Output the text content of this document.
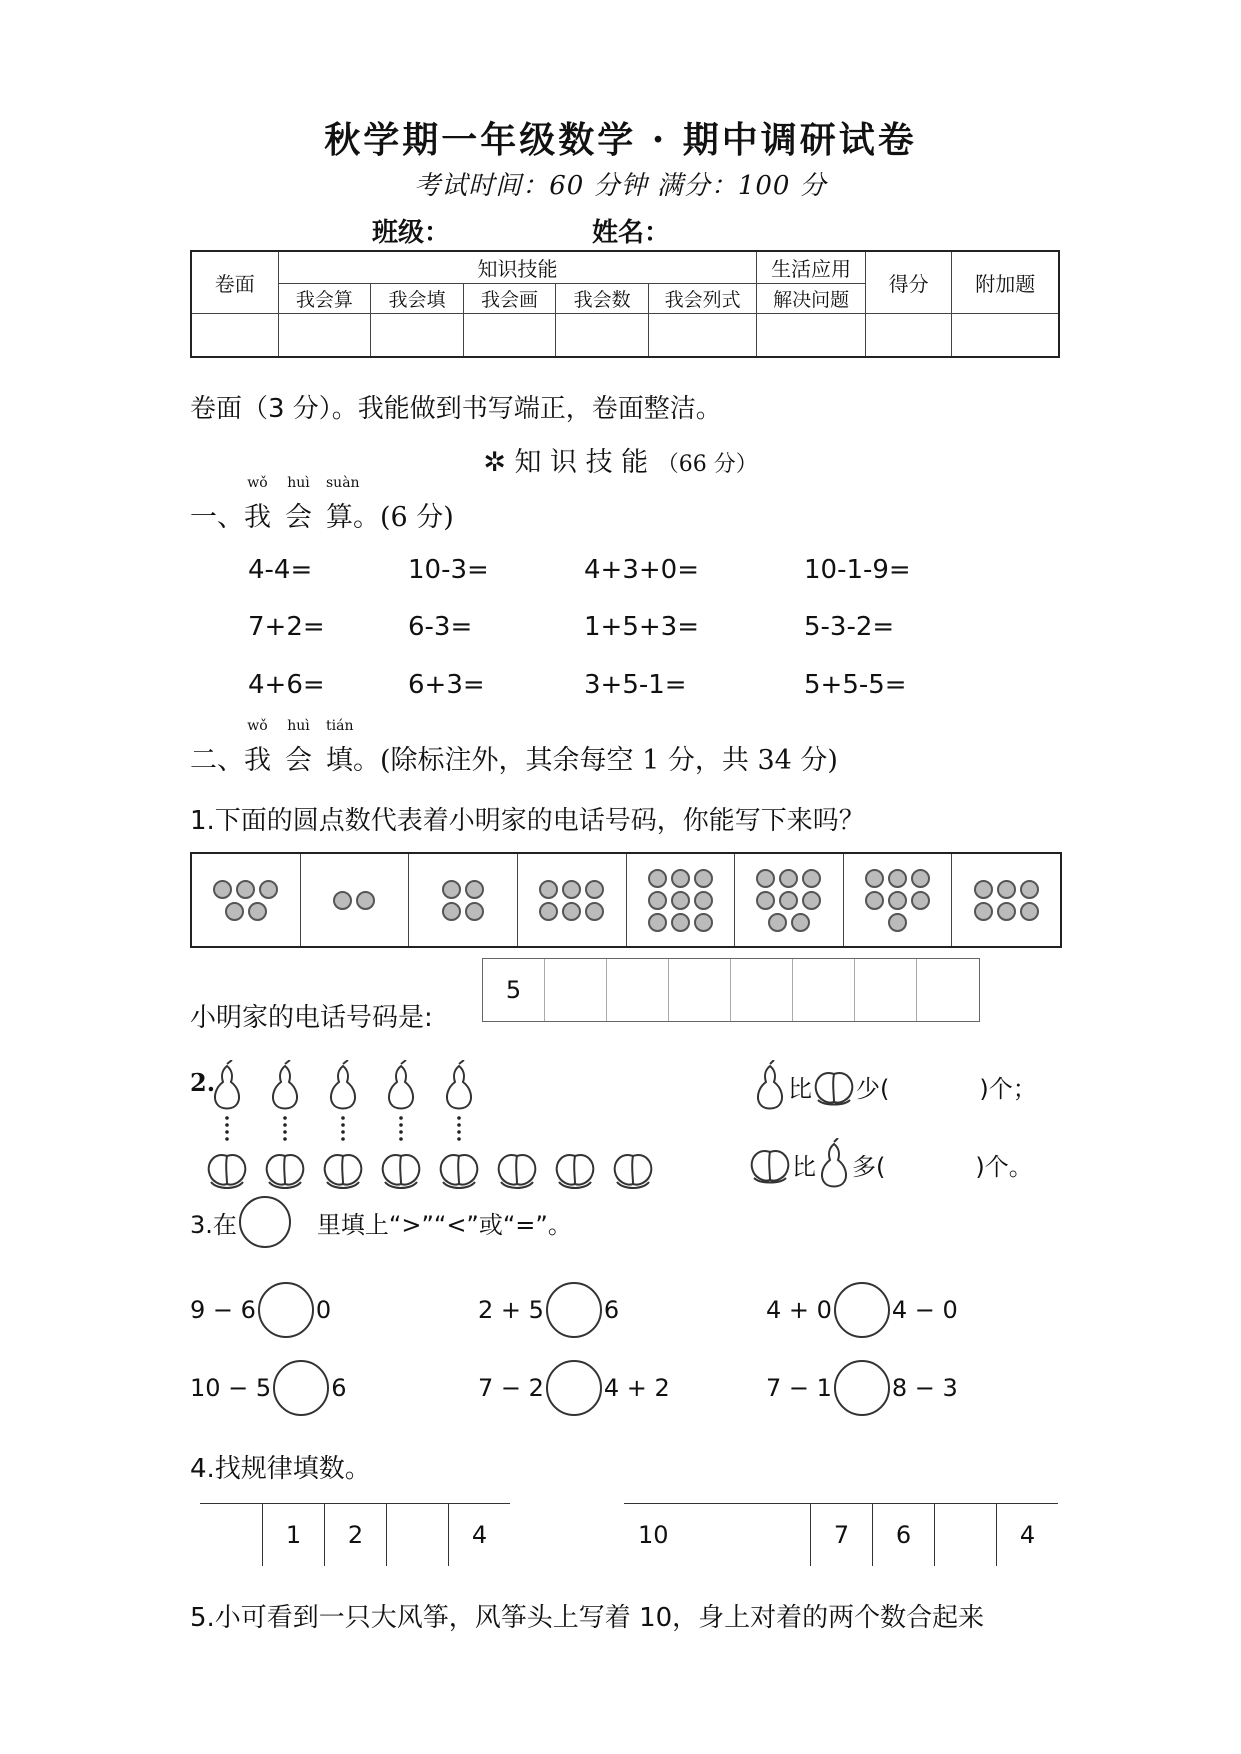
秋学期一年级数学 · 期中调研试卷
考试时间：60 分钟 满分：100 分
班级：	姓名：
卷面	知识技能					生活应用	得分	附加题
	我会算	我会填	我会画	我会数	我会列式	解决问题		

卷面（3 分）。我能做到书写端正，卷面整洁。
✲ 知 识 技 能 （66 分）
一、
wǒ
我
huì
会
suàn
算。(6 分)
4-4=	10-3=	4+3+0=	10-1-9=
7+2=	6-3=	1+5+3=	5-3-2=
4+6=	6+3=	3+5-1=	5+5-5=
二、
wǒ
我
huì
会
tián
填。(除标注外，其余每空 1 分，共 34 分)
1.下面的圆点数代表着小明家的电话号码，你能写下来吗？
小明家的电话号码是:
5
2.	比 少(	)个；
比 多(	)个。
3.在	里填上“>”“<”或“=”。
9 − 6	0	2 + 5	6	4 + 0	4 − 0
10 − 5	6	7 − 2	4 + 2	7 − 1	8 − 3
4.找规律填数。
1	2	4	10	7	6	4
5.小可看到一只大风筝，风筝头上写着 10，身上对着的两个数合起来
